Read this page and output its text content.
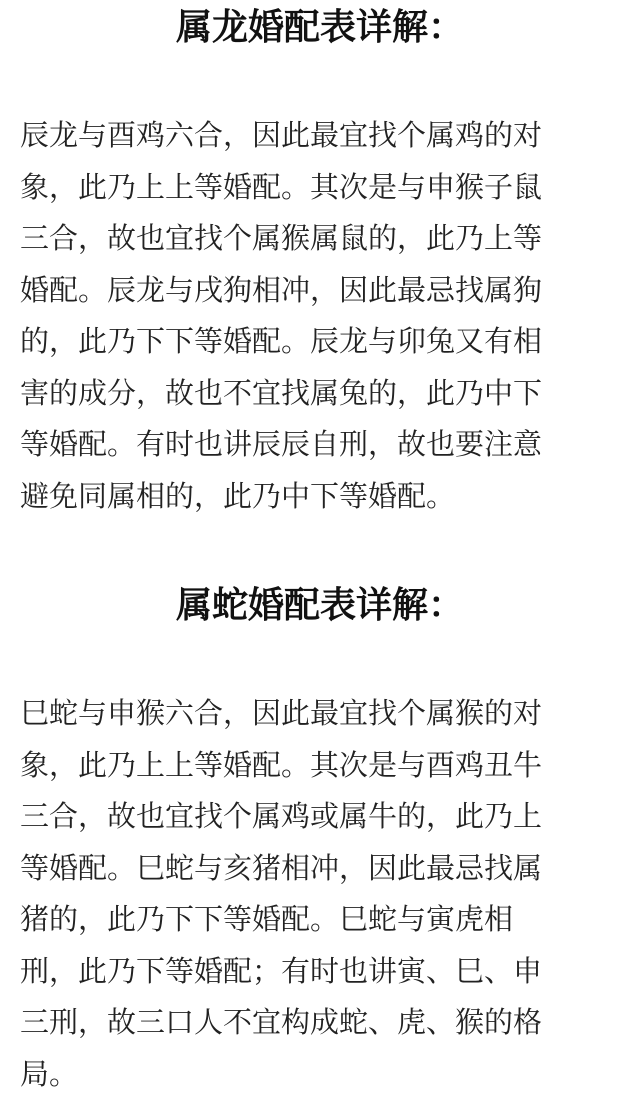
属龙婚配表详解：
辰龙与酉鸡六合，因此最宜找个属鸡的对
象，此乃上上等婚配。其次是与申猴子鼠
三合，故也宜找个属猴属鼠的，此乃上等
婚配。辰龙与戌狗相冲，因此最忌找属狗
的，此乃下下等婚配。辰龙与卯兔又有相
害的成分，故也不宜找属兔的，此乃中下
等婚配。有时也讲辰辰自刑，故也要注意
避免同属相的，此乃中下等婚配。
属蛇婚配表详解：
巳蛇与申猴六合，因此最宜找个属猴的对
象，此乃上上等婚配。其次是与酉鸡丑牛
三合，故也宜找个属鸡或属牛的，此乃上
等婚配。巳蛇与亥猪相冲，因此最忌找属
猪的，此乃下下等婚配。巳蛇与寅虎相
刑，此乃下等婚配；有时也讲寅、巳、申
三刑，故三口人不宜构成蛇、虎、猴的格
局。
